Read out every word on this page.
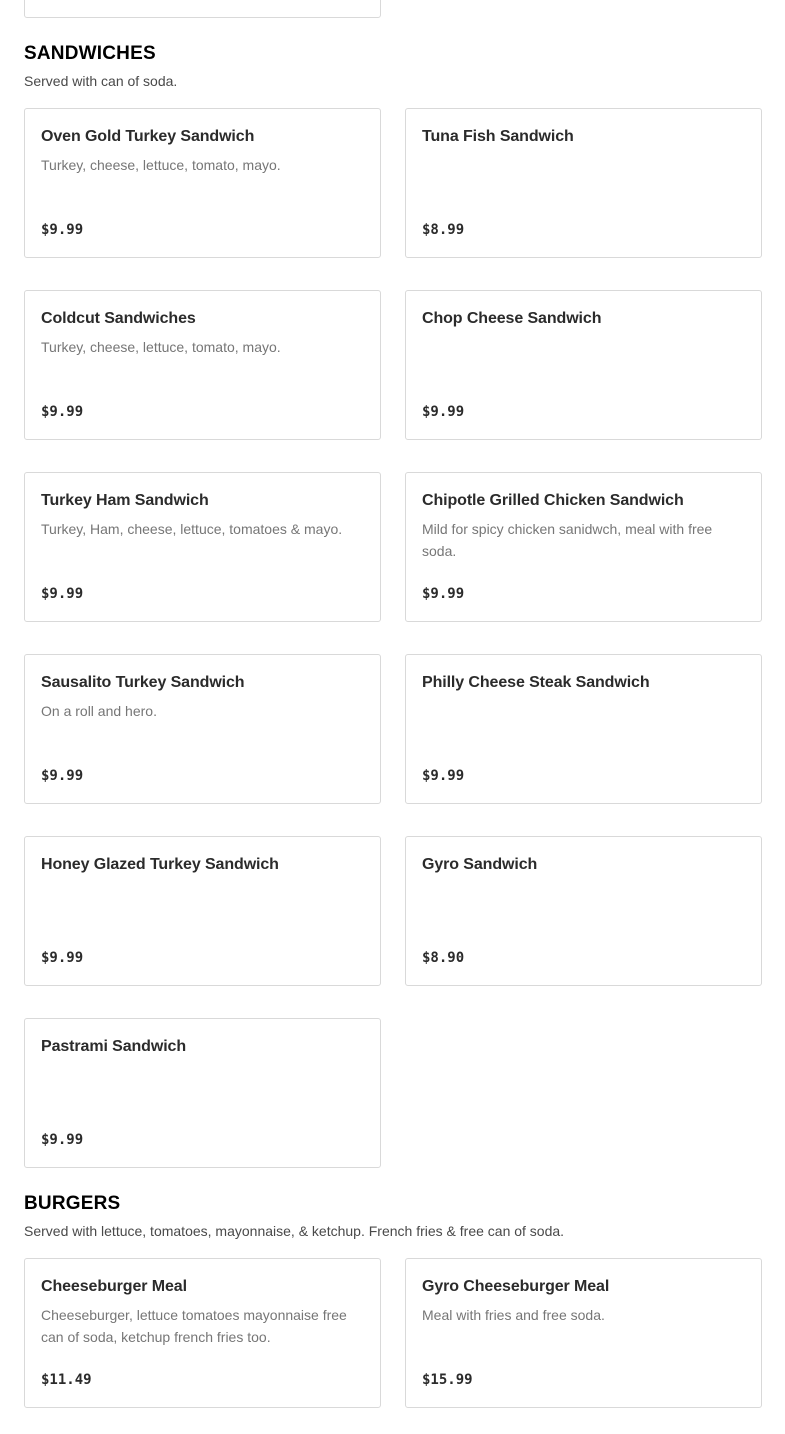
SANDWICHES
Served with can of soda.
Oven Gold Turkey Sandwich
Turkey, cheese, lettuce, tomato, mayo.
$9.99
Tuna Fish Sandwich
$8.99
Coldcut Sandwiches
Turkey, cheese, lettuce, tomato, mayo.
$9.99
Chop Cheese Sandwich
$9.99
Turkey Ham Sandwich
Turkey, Ham, cheese, lettuce, tomatoes & mayo.
$9.99
Chipotle Grilled Chicken Sandwich
Mild for spicy chicken sanidwch, meal with free soda.
$9.99
Sausalito Turkey Sandwich
On a roll and hero.
$9.99
Philly Cheese Steak Sandwich
$9.99
Honey Glazed Turkey Sandwich
$9.99
Gyro Sandwich
$8.90
Pastrami Sandwich
$9.99
BURGERS
Served with lettuce, tomatoes, mayonnaise, & ketchup. French fries & free can of soda.
Cheeseburger Meal
Cheeseburger, lettuce tomatoes mayonnaise free can of soda, ketchup french fries too.
$11.49
Gyro Cheeseburger Meal
Meal with fries and free soda.
$15.99
